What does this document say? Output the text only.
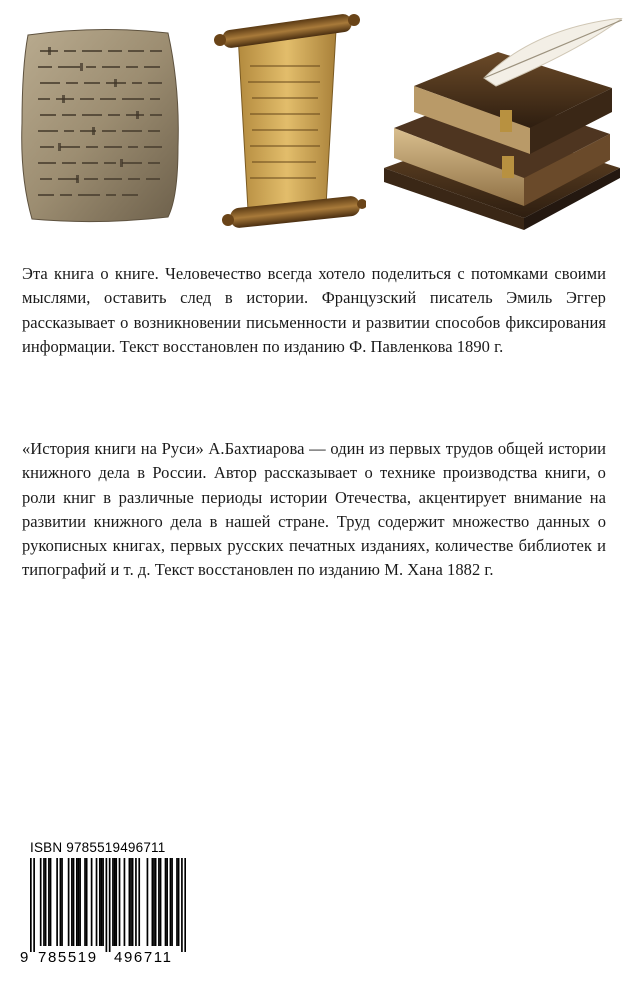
Эта книга о книге. Человечество всегда хотело поделиться с потомками своими мыслями, оставить след в истории. Французский писатель Эмиль Эггер рассказывает о возникновении письменности и развитии способов фиксирования информации. Текст восстановлен по изданию Ф. Павленкова 1890 г.

«История книги на Руси» А.Бахтиарова — один из первых трудов общей истории книжного дела в России. Автор рассказывает о технике производства книги, о роли книг в различные периоды истории Отечества, акцентирует внимание на развитии книжного дела в нашей стране. Труд содержит множество данных о рукописных книгах, первых русских печатных изданиях, количестве библиотек и типографий и т. д. Текст восстановлен по изданию М. Хана 1882 г.

ISBN 9785519496711
9 785519 496711
